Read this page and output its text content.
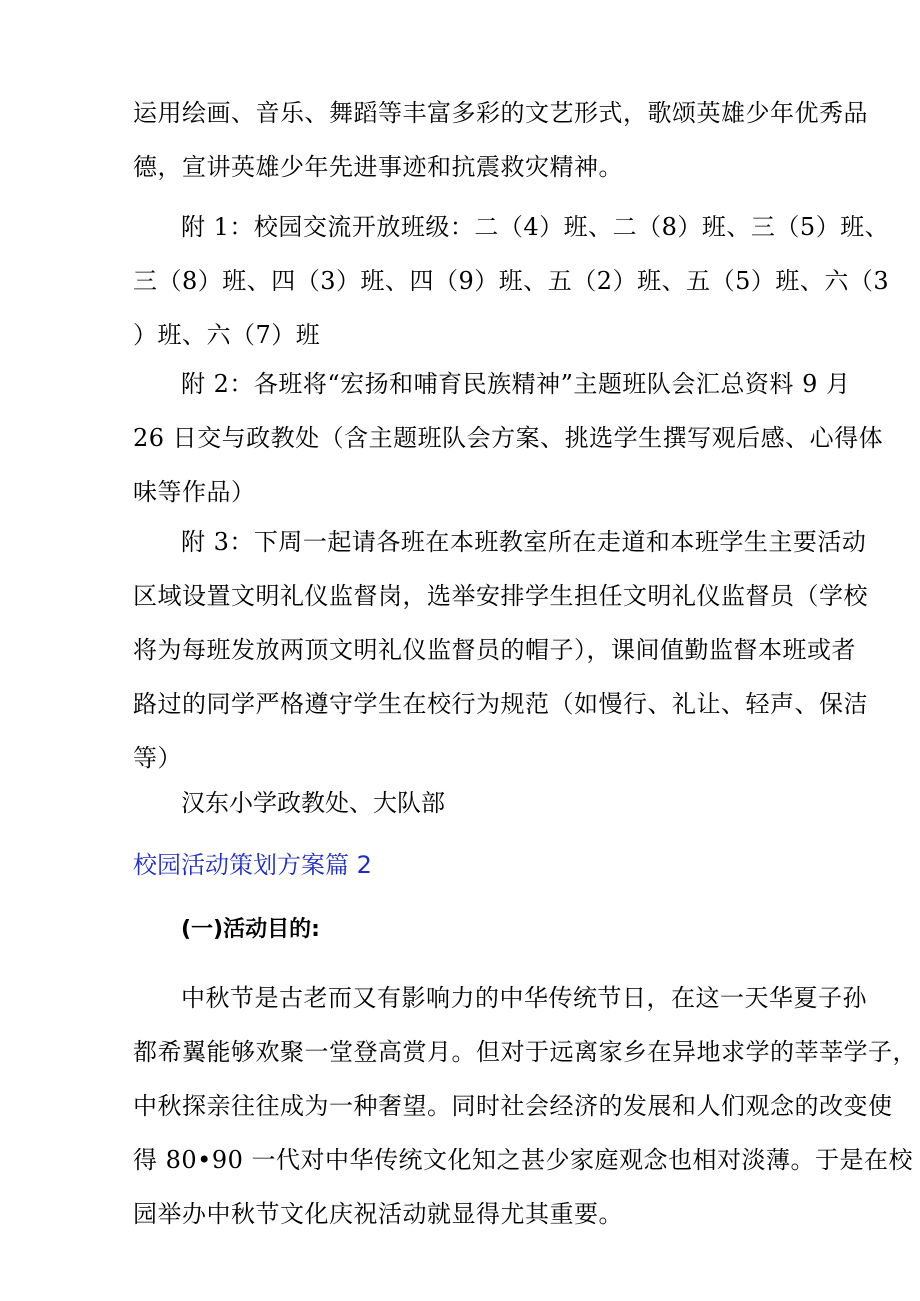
运用绘画、音乐、舞蹈等丰富多彩的文艺形式，歌颂英雄少年优秀品
德，宣讲英雄少年先进事迹和抗震救灾精神。

附 1：校园交流开放班级：二（4）班、二（8）班、三（5）班、
三（8）班、四（3）班、四（9）班、五（2）班、五（5）班、六（3
）班、六（7）班

附 2：各班将“宏扬和哺育民族精神”主题班队会汇总资料 9 月
26 日交与政教处（含主题班队会方案、挑选学生撰写观后感、心得体
味等作品）

附 3：下周一起请各班在本班教室所在走道和本班学生主要活动
区域设置文明礼仪监督岗，选举安排学生担任文明礼仪监督员（学校
将为每班发放两顶文明礼仪监督员的帽子），课间值勤监督本班或者
路过的同学严格遵守学生在校行为规范（如慢行、礼让、轻声、保洁
等）

汉东小学政教处、大队部

校园活动策划方案篇 2
(一)活动目的:

中秋节是古老而又有影响力的中华传统节日，在这一天华夏子孙
都希翼能够欢聚一堂登高赏月。但对于远离家乡在异地求学的莘莘学子，
中秋探亲往往成为一种奢望。同时社会经济的发展和人们观念的改变使
得 80•90 一代对中华传统文化知之甚少家庭观念也相对淡薄。于是在校
园举办中秋节文化庆祝活动就显得尤其重要。
